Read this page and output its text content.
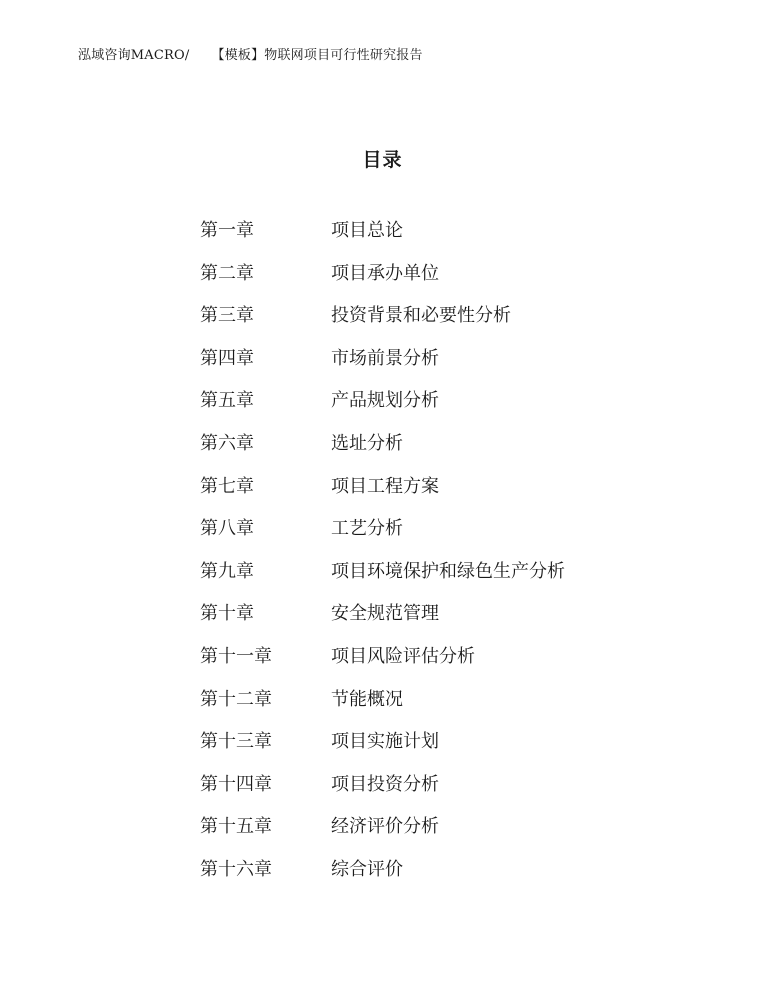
泓域咨询MACRO/ 【模板】物联网项目可行性研究报告
目录
第一章	项目总论
第二章	项目承办单位
第三章	投资背景和必要性分析
第四章	市场前景分析
第五章	产品规划分析
第六章	选址分析
第七章	项目工程方案
第八章	工艺分析
第九章	项目环境保护和绿色生产分析
第十章	安全规范管理
第十一章	项目风险评估分析
第十二章	节能概况
第十三章	项目实施计划
第十四章	项目投资分析
第十五章	经济评价分析
第十六章	综合评价
